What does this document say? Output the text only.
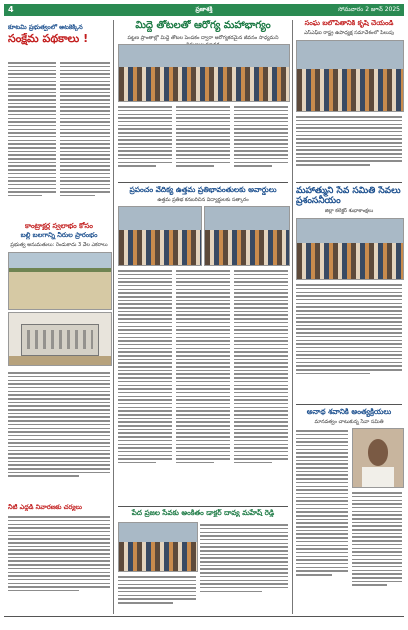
4	ప్రజాశక్తి	సోమవారం 2 జూన్ 2025
కూటమి ప్రభుత్వంలో అటకెక్కిన
సంక్షేమ పథకాలు !
కాంట్రాక్టర్ల స్వలాభం కోసం
బల్లి బలగాన్ని నీరుల ప్రారంభం
ప్రభుత్వ అనుమతులు: రెండుకాదు 3 వేల ఎకరాలు
నీటి ఎద్దడి నివారణకు చర్యలు
మిద్దె తోటలతో ఆరోగ్య మహాభాగ్యం
పట్టణ ప్రాంతాల్లో మిద్దె తోటల పెంపకం ద్వారా ఆరోగ్యకరమైన జీవనం సాధ్యమని
ప్రపంచం వేదిక్య ఉత్తమ ప్రతిభావంతులకు అవార్డులు
ఉత్తమ ప్రతిభ కనబరిచిన విద్యార్థులకు సత్కారం
పేద ప్రజల సేవకు అంకితం డాక్టర్ దావ్య మహేష్ రెడ్డి
సంఘ బలోపేతానికి కృషి చేయండి
ఎస్‌ఎఫ్‌ఐ రాష్ట్ర ఉపాధ్యక్ష సమావేశంలో పిలుపు
మహాత్ముని సేవ సమితి సేవలు ప్రశంసనీయం
జిల్లా కలెక్టర్ శుభాకాంక్షలు
అనాథ శవానికి అంత్యక్రియలు
మానవత్వం చాటుకున్న సేవా సమితి
